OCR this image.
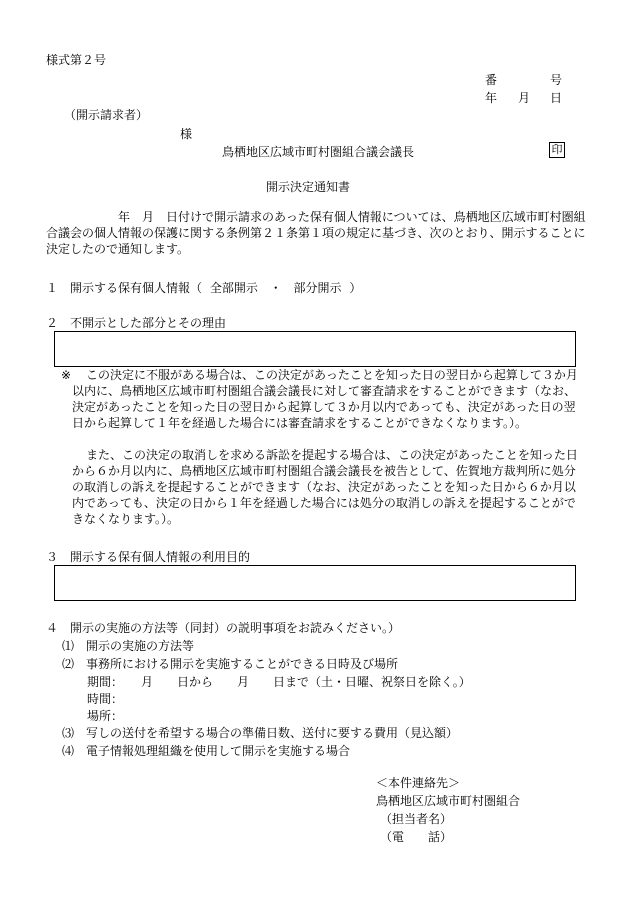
様式第２号
番	号
年 月 日
（開示請求者）
様
鳥栖地区広域市町村圏組合議会議長	印
開示決定通知書

年　月　日付けで開示請求のあった保有個人情報については、鳥栖地区広域市町村圏組合議会の個人情報の保護に関する条例第２１条第１項の規定に基づき、次のとおり、開示することに決定したので通知します。

１　開示する保有個人情報（ 全部開示 ・ 部分開示 ）
２　不開示とした部分とその理由
※	この決定に不服がある場合は、この決定があったことを知った日の翌日から起算して３か月以内に、鳥栖地区広域市町村圏組合議会議長に対して審査請求をすることができます（なお、決定があったことを知った日の翌日から起算して３か月以内であっても、決定があった日の翌日から起算して１年を経過した場合には審査請求をすることができなくなります。）。

また、この決定の取消しを求める訴訟を提起する場合は、この決定があったことを知った日から６か月以内に、鳥栖地区広域市町村圏組合議会議長を被告として、佐賀地方裁判所に処分の取消しの訴えを提起することができます（なお、決定があったことを知った日から６か月以内であっても、決定の日から１年を経過した場合には処分の取消しの訴えを提起することができなくなります。）。

３　開示する保有個人情報の利用目的
４　開示の実施の方法等（同封）の説明事項をお読みください。）
⑴　開示の実施の方法等
⑵　事務所における開示を実施することができる日時及び場所
期間：　　月　　日から　　月　　日まで（土・日曜、祝祭日を除く。）
時間：
場所：
⑶　写しの送付を希望する場合の準備日数、送付に要する費用（見込額）
⑷　電子情報処理組織を使用して開示を実施する場合
＜本件連絡先＞
鳥栖地区広域市町村圏組合
（担当者名）
（電　　話）
